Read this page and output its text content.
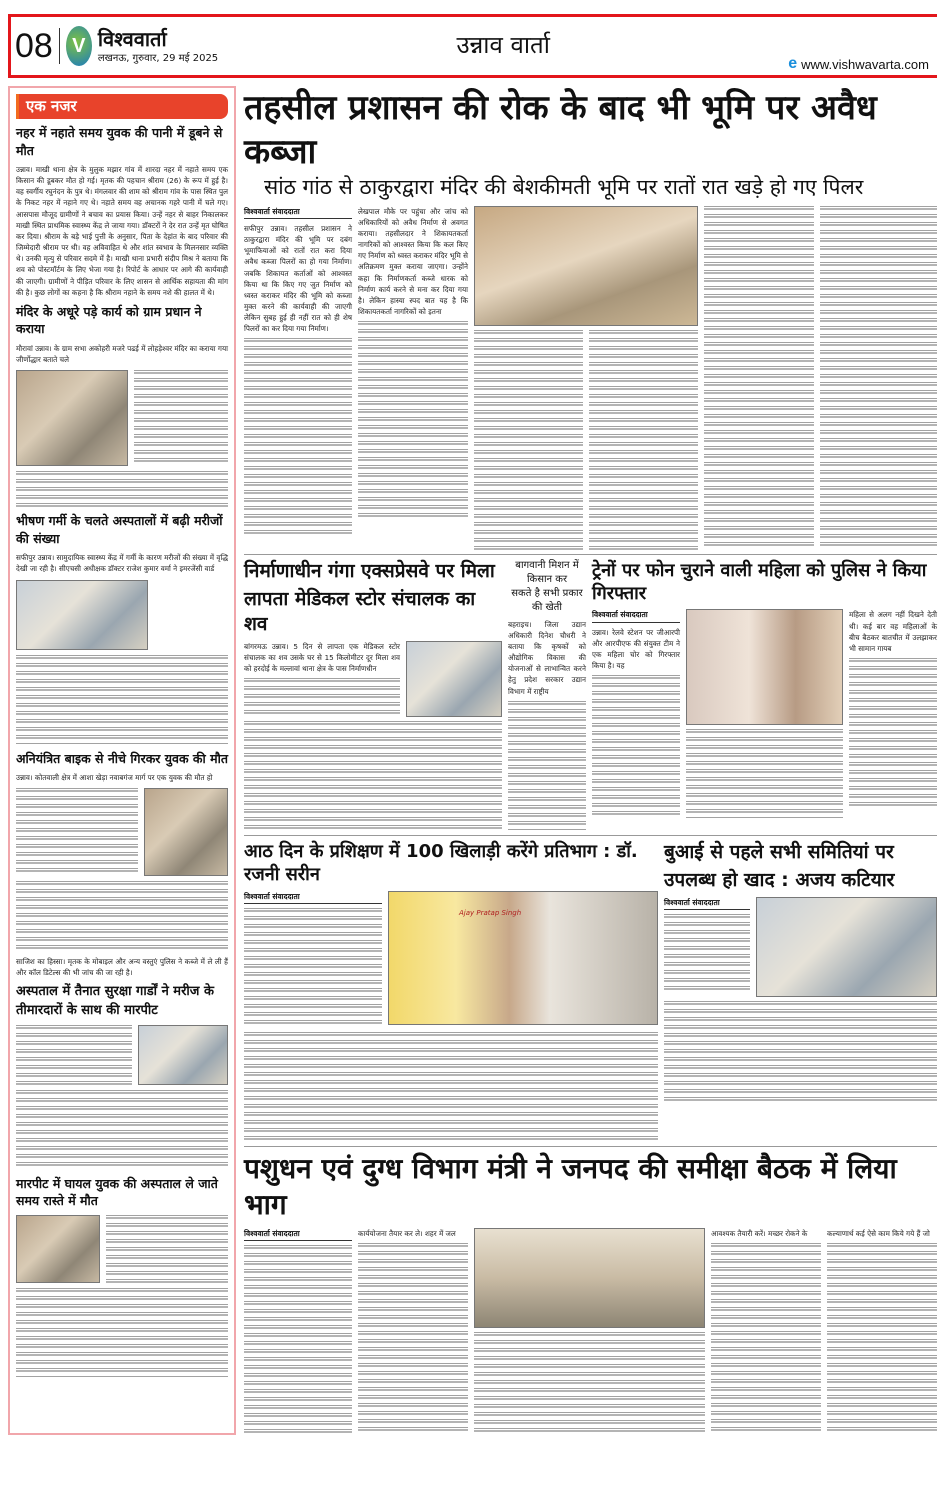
08 V विश्ववार्ता
लखनऊ, गुरुवार, 29 मई 2025	उन्नाव वार्ता
e www.vishwavarta.com
एक नजर
नहर में नहाते समय युवक की पानी में डूबने से मौत
उन्नाव। माखी थाना क्षेत्र के मुलुक मझार गांव में शारदा नहर में नहाते समय एक किसान की डूबकर मौत हो गई। मृतक की पहचान श्रीराम (26) के रूप में हुई है। वह स्वर्गीय रघुनंदन के पुत्र थे। मंगलवार की शाम को श्रीराम गांव के पास स्थित पुल के निकट नहर में नहाने गए थे। नहाते समय वह अचानक गहरे पानी में चले गए। आसपास मौजूद ग्रामीणों ने बचाव का प्रयास किया। उन्हें नहर से बाहर निकालकर माखी स्थित प्राथमिक स्वास्थ्य केंद्र ले जाया गया। डॉक्टरों ने देर रात उन्हें मृत घोषित कर दिया। श्रीराम के बड़े भाई पुत्ती के अनुसार, पिता के देहांत के बाद परिवार की जिम्मेदारी श्रीराम पर थी। वह अविवाहित थे और शांत स्वभाव के मिलनसार व्यक्ति थे। उनकी मृत्यु से परिवार सदमे में है। माखी थाना प्रभारी संदीप मिश्र ने बताया कि शव को पोस्टमॉर्टम के लिए भेजा गया है। रिपोर्ट के आधार पर आगे की कार्यवाही की जाएगी। ग्रामीणों ने पीड़ित परिवार के लिए शासन से आर्थिक सहायता की मांग की है। कुछ लोगों का कहना है कि श्रीराम नहाने के समय नशे की हालत में थे।
मंदिर के अधूरे पड़े कार्य को ग्राम प्रधान ने कराया
मौरावां उन्नाव। के ग्राम सभा अकोहरी मजरे पढई में लोहड़ेश्वर मंदिर का कराया गया जीर्णोद्धार बताते चले
भीषण गर्मी के चलते अस्पतालों में बढ़ी मरीजों की संख्या
सफीपुर उन्नाव। सामुदायिक स्वास्थ्य केंद्र में गर्मी के कारण मरीजों की संख्या में वृद्धि देखी जा रही है। सीएचसी अधीक्षक डॉक्टर राजेश कुमार वर्मा ने इमरजेंसी वार्ड
अनियंत्रित बाइक से नीचे गिरकर युवक की मौत
उन्नाव। कोतवाली क्षेत्र में आशा खेड़ा नवाबगंज मार्ग पर एक युवक की मौत हो
साजिश का हिस्सा। मृतक के मोबाइल और अन्य वस्तुएं पुलिस ने कब्जे में ले ली हैं और कॉल डिटेल्स की भी जांच की जा रही है।
अस्पताल में तैनात सुरक्षा गार्डों ने मरीज के तीमारदारों के साथ की मारपीट
मारपीट में घायल युवक की अस्पताल ले जाते समय रास्ते में मौत
तहसील प्रशासन की रोक के बाद भी भूमि पर अवैध कब्जा
सांठ गांठ से ठाकुरद्वारा मंदिर की बेशकीमती भूमि पर रातों रात खड़े हो गए पिलर
विश्ववार्ता संवाददाता
सफीपुर उन्नाव। तहसील प्रशासन ने ठाकुरद्वारा मंदिर की भूमि पर दबंग भूमाफियाओं को रातों रात करा दिया अवैध कब्जा पिलरों का हो गया निर्माण। जबकि शिकायत कर्ताओं को आश्वस्त किया था कि किए गए जुत निर्माण को ध्वस्त कराकर मंदिर की भूमि को कब्जा मुक्त करने की कार्यवाही की जाएगी लेकिन सुबह हुई ही नहीं रात को ही शेष पिलरों का कर दिया गया निर्माण।
लेखपाल मौके पर पहुंचा और जांच को अधिकारियों को अवैध निर्माण से अवगत कराया। तहसीलदार ने शिकायतकर्ता नागरिकों को आश्वस्त किया कि कल किए गए निर्माण को ध्वस्त कराकर मंदिर भूमि से अतिक्रमण मुक्त कराया जाएगा। उन्होंने कहा कि निर्माणकर्ता कब्जे धारक को निर्माण कार्य करने से मना कर दिया गया है। लेकिन हास्या स्पद बात यह है कि शिकायतकर्ता नागरिकों को इतना
निर्माणाधीन गंगा एक्सप्रेसवे पर मिला
लापता मेडिकल स्टोर संचालक का शव
बांगरमऊ उन्नाव। 5 दिन से लापता एक मेडिकल स्टोर संचालक का शव उसके घर से 15 किलोमीटर दूर मिला शव को हरदोई के मल्लावां थाना क्षेत्र के पास निर्माणधीन
बागवानी मिशन में किसान कर
सकते है सभी प्रकार की खेती
बहराइच। जिला उद्यान अधिकारी दिनेश चौधरी ने बताया कि कृषकों को औद्योगिक विकास की योजनाओं से लाभान्वित करने हेतु प्रदेश सरकार उद्यान विभाग में राष्ट्रीय
ट्रेनों पर फोन चुराने वाली महिला को पुलिस ने किया गिरफ्तार
विश्ववार्ता संवाददाता
उन्नाव। रेलवे स्टेशन पर जीआरपी और आरपीएफ की संयुक्त टीम ने एक महिला चोर को गिरफ्तार किया है। यह
महिला से अलग नहीं दिखने देती थी। कई बार वह महिलाओं के बीच बैठकर बातचीत में उलझाकर भी सामान गायब
आठ दिन के प्रशिक्षण में 100 खिलाड़ी करेंगे प्रतिभाग : डॉ. रजनी सरीन
विश्ववार्ता संवाददाता
Ajay Pratap Singh
बुआई से पहले सभी समितियां पर
उपलब्ध हो खाद : अजय कटियार
विश्ववार्ता संवाददाता
पशुधन एवं दुग्ध विभाग मंत्री ने जनपद की समीक्षा बैठक में लिया भाग
विश्ववार्ता संवाददाता	कार्ययोजना तैयार कर ले। शहर में जल	आवश्यक तैयारी करें। मच्छर रोकने के	कल्याणार्थ कई ऐसे काम किये गये हैं जो
